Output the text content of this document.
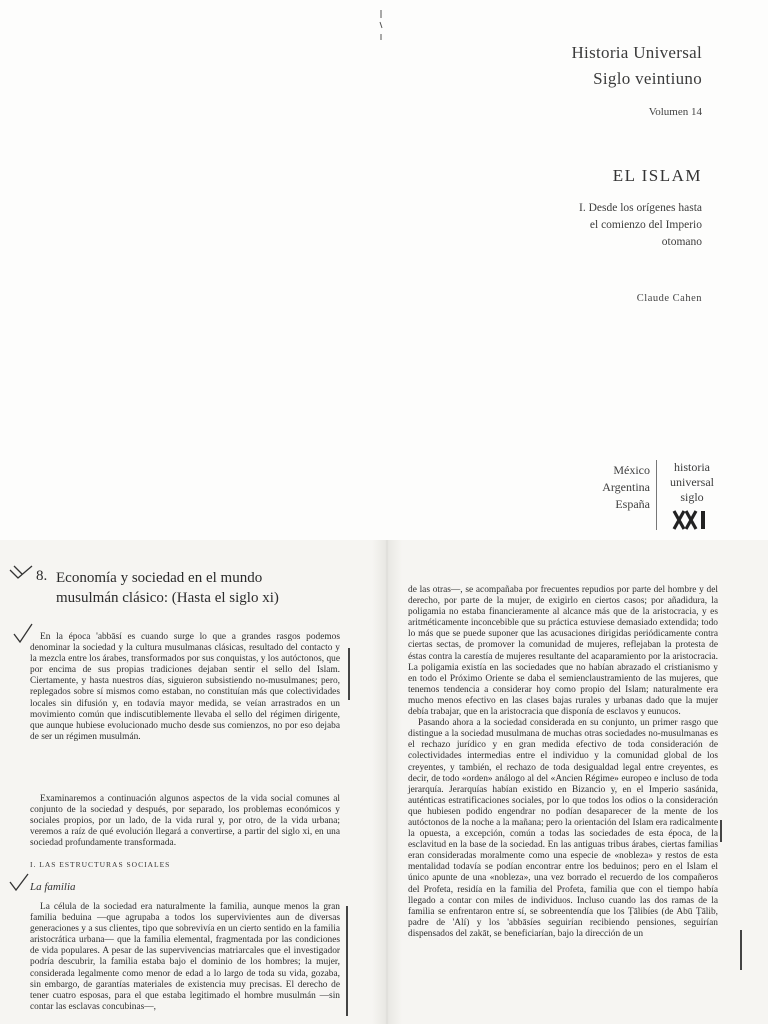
Historia Universal
Siglo veintiuno
Volumen 14
EL ISLAM
I. Desde los orígenes hasta
el comienzo del Imperio
otomano
Claude Cahen
México
Argentina
España
historia
universal
siglo
8. Economía y sociedad en el mundo
musulmán clásico: (Hasta el siglo xi)
En la época 'abbāsí es cuando surge lo que a grandes rasgos podemos denominar la sociedad y la cultura musulmanas clásicas, resultado del contacto y la mezcla entre los árabes, transformados por sus conquistas, y los autóctonos, que por encima de sus propias tradiciones dejaban sentir el sello del Islam. Ciertamente, y hasta nuestros días, siguieron subsistiendo no-musulmanes; pero, replegados sobre sí mismos como estaban, no constituían más que colectividades locales sin difusión y, en todavía mayor medida, se veían arrastrados en un movimiento común que indiscutiblemente llevaba el sello del régimen dirigente, que aunque hubiese evolucionado mucho desde sus comienzos, no por eso dejaba de ser un régimen musulmán.
Examinaremos a continuación algunos aspectos de la vida social comunes al conjunto de la sociedad y después, por separado, los problemas económicos y sociales propios, por un lado, de la vida rural y, por otro, de la vida urbana; veremos a raíz de qué evolución llegará a convertirse, a partir del siglo xi, en una sociedad profundamente transformada.
I. LAS ESTRUCTURAS SOCIALES
La familia
La célula de la sociedad era naturalmente la familia, aunque menos la gran familia beduina —que agrupaba a todos los supervivientes aun de diversas generaciones y a sus clientes, tipo que sobrevivía en un cierto sentido en la familia aristocrática urbana— que la familia elemental, fragmentada por las condiciones de vida populares. A pesar de las supervivencias matriarcales que el investigador podría descubrir, la familia estaba bajo el dominio de los hombres; la mujer, considerada legalmente como menor de edad a lo largo de toda su vida, gozaba, sin embargo, de garantías materiales de existencia muy precisas. El derecho de tener cuatro esposas, para el que estaba legitimado el hombre musulmán —sin contar las esclavas concubinas—,

de las otras—, se acompañaba por frecuentes repudios por parte del hombre y del derecho, por parte de la mujer, de exigirlo en ciertos casos; por añadidura, la poligamia no estaba financieramente al alcance más que de la aristocracia, y es aritméticamente inconcebible que su práctica estuviese demasiado extendida; todo lo más que se puede suponer que las acusaciones dirigidas periódicamente contra ciertas sectas, de promover la comunidad de mujeres, reflejaban la protesta de éstas contra la carestía de mujeres resultante del acaparamiento por la aristocracia. La poligamia existía en las sociedades que no habían abrazado el cristianismo y en todo el Próximo Oriente se daba el semienclaustramiento de las mujeres, que tenemos tendencia a considerar hoy como propio del Islam; naturalmente era mucho menos efectivo en las clases bajas rurales y urbanas dado que la mujer debía trabajar, que en la aristocracia que disponía de esclavos y eunucos.

Pasando ahora a la sociedad considerada en su conjunto, un primer rasgo que distingue a la sociedad musulmana de muchas otras sociedades no-musulmanas es el rechazo jurídico y en gran medida efectivo de toda consideración de colectividades intermedias entre el individuo y la comunidad global de los creyentes, y también, el rechazo de toda desigualdad legal entre creyentes, es decir, de todo «orden» análogo al del «Ancien Régime» europeo e incluso de toda jerarquía. Jerarquías habían existido en Bizancio y, en el Imperio sasánida, auténticas estratificaciones sociales, por lo que todos los odios o la consideración que hubiesen podido engendrar no podían desaparecer de la mente de los autóctonos de la noche a la mañana; pero la orientación del Islam era radicalmente la opuesta, a excepción, común a todas las sociedades de esta época, de la esclavitud en la base de la sociedad. En las antiguas tribus árabes, ciertas familias eran consideradas moralmente como una especie de «nobleza» y restos de esta mentalidad todavía se podían encontrar entre los beduinos; pero en el Islam el único apunte de una «nobleza», una vez borrado el recuerdo de los compañeros del Profeta, residía en la familia del Profeta, familia que con el tiempo había llegado a contar con miles de individuos. Incluso cuando las dos ramas de la familia se enfrentaron entre sí, se sobreentendía que los Ṭālibíes (de Abū Ṭālib, padre de 'Alí) y los 'abbāsíes seguirían recibiendo pensiones, seguirían dispensados del zakāt, se beneficiarían, bajo la dirección de un
